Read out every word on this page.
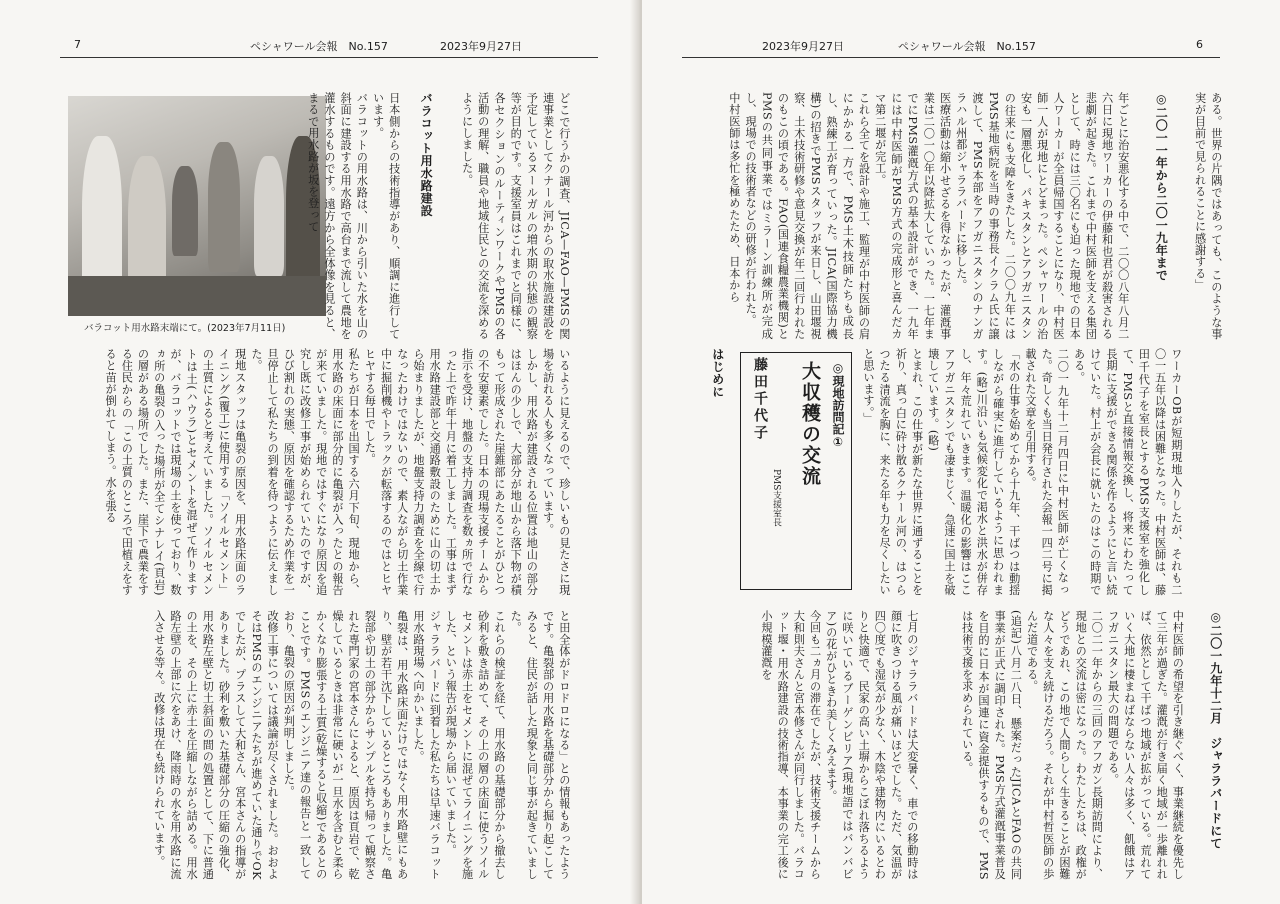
7	ペシャワール会報　No.157	2023年9月27日
バラコット用水路末端にて。(2023年7月11日)	どこで行うかの調査、JICA—FAO—PMSの関連事業としてクナール河からの取水施設建設を予定しているヌールガルの増水期の状態の観察等が目的です。支援室員はこれまでと同様に、各セクションのルーティンワークやPMSの各活動の理解、職員や地域住民との交流を深めるようにしました。

バラコット用水路建設

日本側からの技術指導があり、順調に進行しています。
バラコットの用水路は、川から引いた水を山の斜面に建設する用水路で高台まで流して農地を灌水するものです。遠方から全体像を見ると、まるで用水路が坂を登って

いるように見えるので、珍しいもの見たさに現場を訪れる人も多くなっています。
しかし、用水路が建設される位置は地山の部分はほんの少しで、大部分が地山から落下物が積もって形成された崖錐部にあたることがひとつの不安要素でした。日本の現場支援チームから指示を受け、地盤の支持力調査を数ヵ所で行なった上で昨年十月に着工しました。工事はまず用水路建設部と交通路敷設のために山の切土から始まりましたが、地盤支持力調査を全線で行なったわけではないので、素人ながら切土作業中に掘削機やトラックが転落するのではとヒヤヒヤする毎日でした。
私たちが日本を出国する六月下旬、現地から、用水路の床面に部分的に亀裂が入ったとの報告が来ていました。現地ではすぐになり原因を追究し既に改修工事が始められていたのですが、ひび割れの実態、原因を確認するため作業を一旦停止して私たちの到着を待つように伝えました。
現地スタッフは亀裂の原因を、用水路床面のライニング(覆工)に使用する「ソイルセメント」の土質によると考えていました。ソイルセメントは土(ハウラ)とセメントを混ぜて作りますが、バラコットでは現場の土を使っており、数ヵ所の亀裂の入った場所が全てシナレイ(頁岩)の層がある場所でした。また、崖下で農業をする住民からの「この土質のところで田植えをすると苗が倒れてしまう。水を張る

と田全体がドロドロになる」との情報もあったようです。亀裂部の用水路を基礎部分から掘り起こしてみると、住民が話した現象と同じ事が起きていました。
これらの検証を経て、用水路の基礎部分から撤去し砂利を敷き詰めて、その上の層の床面に使うソイルセメントは赤土をセメントに混ぜてライニングを施した、という報告が現場から届いていました。
ジャララバードに到着した私たちは早速バラコット用水路現場へ向かいました。
亀裂は、用水路床面だけではなく用水路壁にもあり、壁が若干沈下しているところもありました。亀裂部や切土の部分からサンプルを持ち帰って観察された専門家の宮本さんによると、原因は頁岩で、乾燥しているときは非常に硬いが一旦水を含むと柔らかくなり膨張する土質(乾燥すると収縮)であるとのことです。PMSのエンジニア達の報告と一致しており、亀裂の原因が判明しました。
改修工事については議論が尽くされました。おおよそはPMSのエンジニアたちが進めていた通りでOKでしたが、プラスして大和さん、宮本さんの指導がありました。砂利を敷いた基礎部分の圧縮の強化、用水路左壁と切土斜面の間の処置として、下に普通の土を、その上に赤土を圧縮しながら詰める。用水路左壁の上部に穴をあけ、降雨時の水を用水路に流入させる等々。改修は現在も続けられています。

2023年9月27日	ペシャワール会報　No.157	6

ある。世界の片隅ではあっても、このような事実が目前で見られることに感謝する」

◎二〇一一年から二〇一九年まで

年ごとに治安悪化する中で、二〇〇八年八月二六日に現地ワーカーの伊藤和也君が殺害される悲劇が起きた。これまで中村医師を支える集団として、時には三〇名にも迫った現地での日本人ワーカーが全員帰国することになり、中村医師一人が現地にとどまった。ペシャワールの治安も一層悪化し、パキスタンとアフガニスタンの往来にも支障をきたした。二〇〇九年にはPMS基地病院を当時の事務長イクラム氏に譲渡して、PMS本部をアフガニスタンのナンガラハル州都ジャララバードに移した。
医療活動は縮小せざるを得なかったが、灌漑事業は二〇一〇年以降拡大していった。一七年までにPMS灌漑方式の基本設計ができ、一九年には中村医師がPMS方式の完成形と喜んだカマ第二堰が完工。
これら全てを設計や施工、監理が中村医師の肩にかかる一方で、PMS土木技師たちも成長し、熟練工が育っていった。JICA(国際協力機構)の招きでPMSスタッフが来日し、山田堰視察、土木技術研修や意見交換が年二回行われたのもこの頃である。FAO(国連食糧農業機関)とPMSの共同事業ではミラーン訓練所が完成し、現場での技術者などの研修が行われた。
中村医師は多忙を極めたため、日本から

ワーカーOBが短期現地入りしたが、それも二〇一五年以降は困難となった。中村医師は、藤田千代子を室長とするPMS支援室を強化して、PMSと直接情報交換し、将来にわたって長期に支援ができる関係を作るようにと言い続けていた。村上が会長に就いたのはこの時期である。
二〇一九年十二月四日に中村医師が亡くなった。奇しくも当日発行された会報一四二号に掲載された文章を引用する。
「水の仕事を始めてから十九年、干ばつは動揺しながら確実に進行しているように思われます。(略)川沿いも気候変化で渇水と洪水が併存し、年々荒れていきます。温暖化の影響はここアフガニスタンでも凄まじく、急速に国土を破壊しています。(略)
とまれ、この仕事が新たな世界に通ずることを祈り、真っ白に砕け散るクナール河の、はつらつたる清流を胸に、来たる年も力を尽くしたいと思います。」

はじめに	◎現地訪問記①
大収穫の交流
PMS支援室長
藤田千代子

七月のジャララバードは大変暑く、車での移動時は顔に吹きつける風が痛いほどでした。ただ、気温が四〇度でも湿気が少なく、木陰や建物内にいるとわりと快適で、民家の高い土塀からこぼれ落ちるように咲いているブーゲンビリア(現地語ではバンバビア)の花がひときわ美しくみえます。
今回も二ヵ月の滞在でしたが、技術支援チームから大和則夫さんと宮本修さんが同行しました。バラコット堰・用水路建設の技術指導、本事業の完工後に小規模灌漑を	◎二〇一九年十二月　ジャララバードにて

中村医師の希望を引き継ぐべく、事業継続を優先して三年が過ぎた。灌漑が行き届く地域が一歩離れれば、依然として干ばつ地域が拡がっている。荒れていく大地に棲まねばならない人々は多く、飢餓はアフガニスタン最大の問題である。
二〇二一年からの三回のアフガン長期訪問により、現地との交流は密になった。わたしたちは、政権がどうであれ、この地で人間らしく生きることが困難な人々を支え続けるだろう。それが中村哲医師の歩んだ道である。
(追記)八月二八日、懸案だったJICAとFAOの共同事業が正式に調印された。PMS方式灌漑事業普及を目的に日本が国連に資金提供するもので、PMSは技術支援を求められている。
